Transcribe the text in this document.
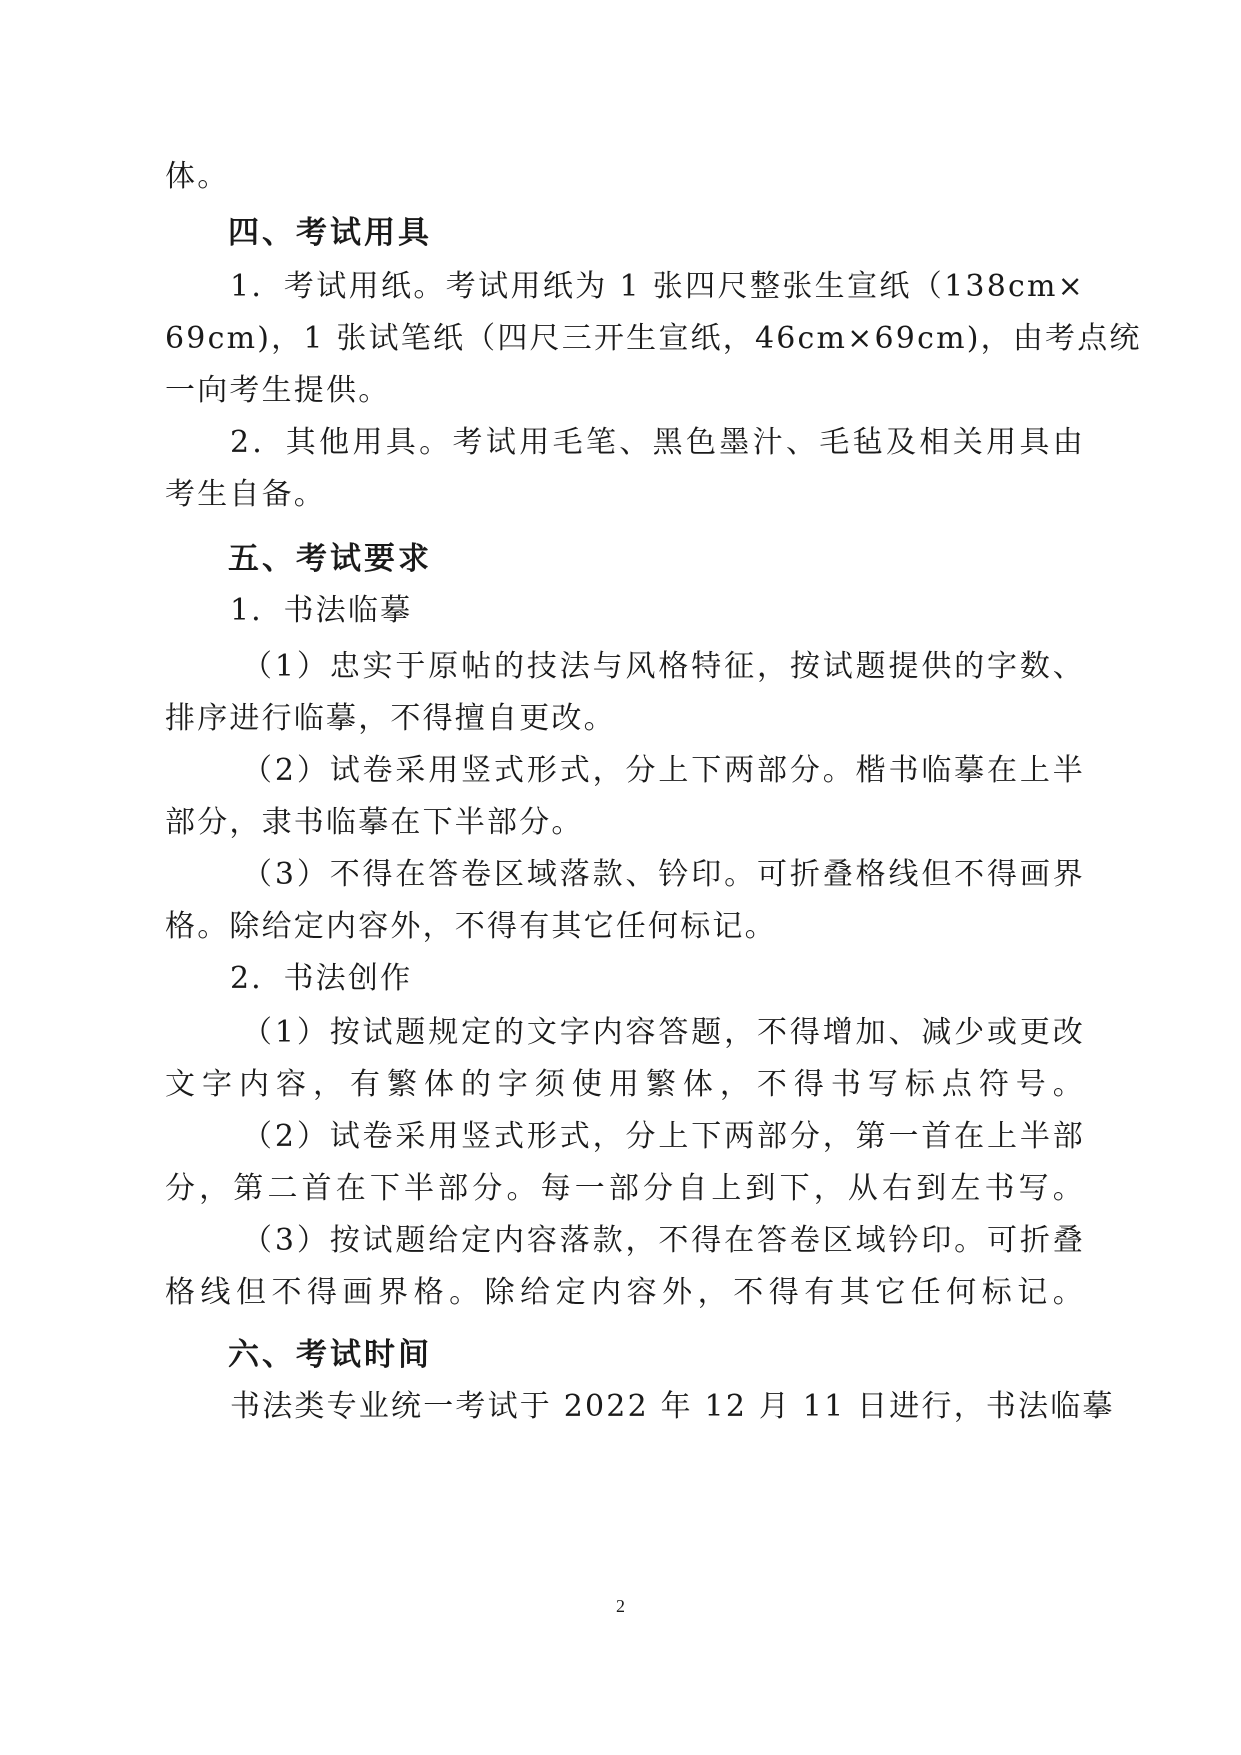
体。
四、考试用具
1．考试用纸。考试用纸为 1 张四尺整张生宣纸（138cm×
69cm)，1 张试笔纸（四尺三开生宣纸，46cm×69cm)，由考点统
一向考生提供。
2．其他用具。考试用毛笔、黑色墨汁、毛毡及相关用具由
考生自备。
五、考试要求
1．书法临摹
（1）忠实于原帖的技法与风格特征，按试题提供的字数、
排序进行临摹，不得擅自更改。
（2）试卷采用竖式形式，分上下两部分。楷书临摹在上半
部分，隶书临摹在下半部分。
（3）不得在答卷区域落款、钤印。可折叠格线但不得画界
格。除给定内容外，不得有其它任何标记。
2．书法创作
（1）按试题规定的文字内容答题，不得增加、减少或更改
文字内容，有繁体的字须使用繁体，不得书写标点符号。
（2）试卷采用竖式形式，分上下两部分，第一首在上半部
分，第二首在下半部分。每一部分自上到下，从右到左书写。
（3）按试题给定内容落款，不得在答卷区域钤印。可折叠
格线但不得画界格。除给定内容外，不得有其它任何标记。
六、考试时间
书法类专业统一考试于 2022 年 12 月 11 日进行，书法临摹
2
